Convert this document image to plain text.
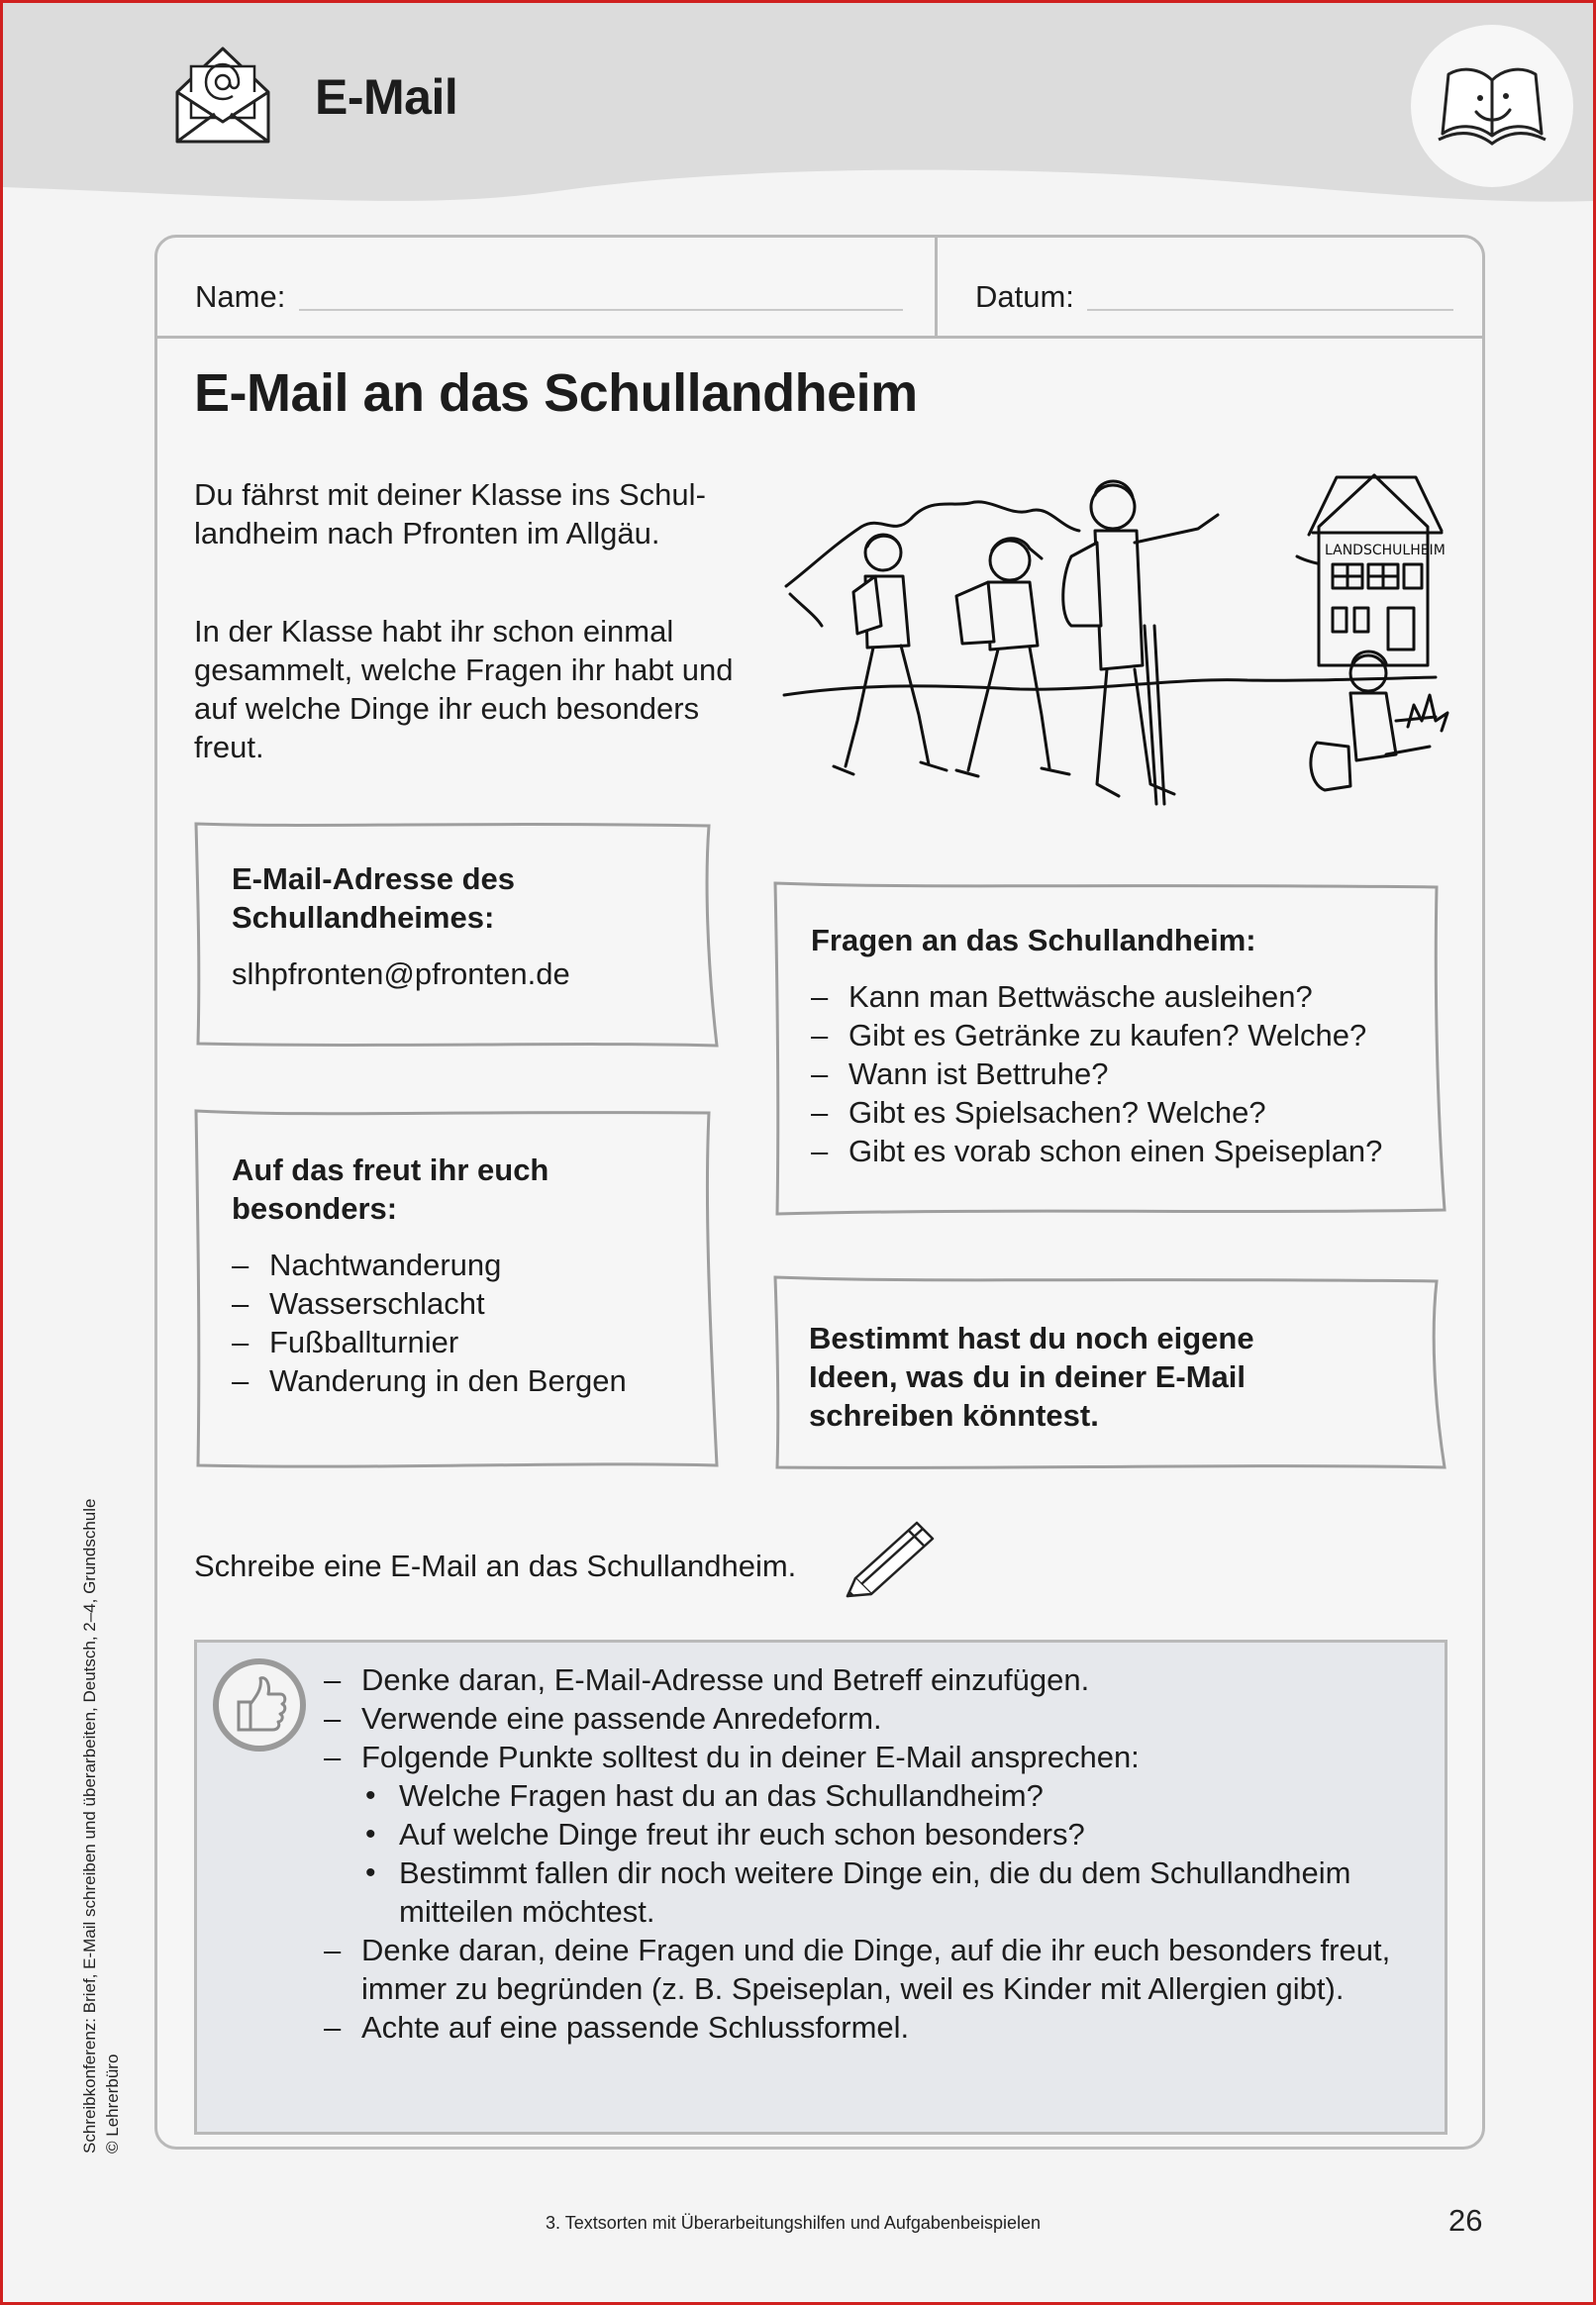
E-Mail
Name:	Datum:
E-Mail an das Schullandheim
Du fährst mit deiner Klasse ins Schullandheim nach Pfronten im Allgäu.
In der Klasse habt ihr schon einmal gesammelt, welche Fragen ihr habt und auf welche Dinge ihr euch besonders freut.
LANDSCHULHEIM
E-Mail-Adresse des Schullandheimes:
slhpfronten@pfronten.de
Auf das freut ihr euch besonders:
– Nachtwanderung
– Wasserschlacht
– Fußballturnier
– Wanderung in den Bergen
Fragen an das Schullandheim:
– Kann man Bettwäsche ausleihen?
– Gibt es Getränke zu kaufen? Welche?
– Wann ist Bettruhe?
– Gibt es Spielsachen? Welche?
– Gibt es vorab schon einen Speiseplan?
Bestimmt hast du noch eigene Ideen, was du in deiner E-Mail schreiben könntest.
Schreibe eine E-Mail an das Schullandheim.
– Denke daran, E-Mail-Adresse und Betreff einzufügen.
– Verwende eine passende Anredeform.
– Folgende Punkte solltest du in deiner E-Mail ansprechen:
• Welche Fragen hast du an das Schullandheim?
• Auf welche Dinge freut ihr euch schon besonders?
• Bestimmt fallen dir noch weitere Dinge ein, die du dem Schullandheim mitteilen möchtest.
– Denke daran, deine Fragen und die Dinge, auf die ihr euch besonders freut, immer zu begründen (z. B. Speiseplan, weil es Kinder mit Allergien gibt).
– Achte auf eine passende Schlussformel.
Schreibkonferenz: Brief, E-Mail schreiben und überarbeiten, Deutsch, 2–4, Grundschule © Lehrerbüro
3. Textsorten mit Überarbeitungshilfen und Aufgabenbeispielen	26
